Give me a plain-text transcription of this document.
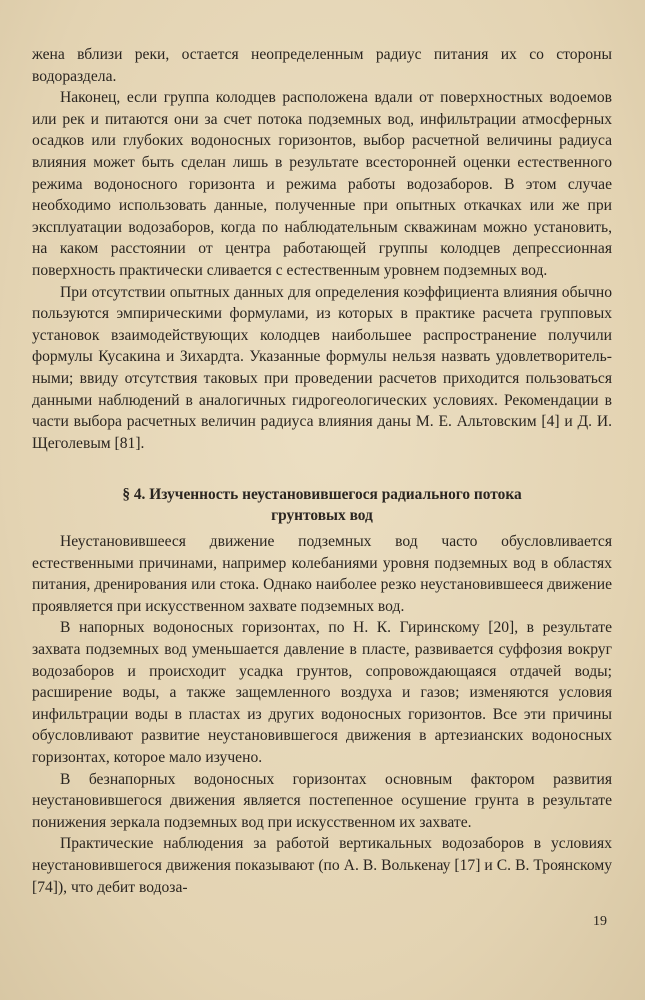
жена вблизи реки, остается неопределенным радиус питания их со стороны водораздела.

Наконец, если группа колодцев расположена вдали от поверхностных водоемов или рек и питаются они за счет потока подземных вод, инфильтрации атмосферных осадков или глубоких водоносных горизонтов, выбор расчетной величины радиуса влияния может быть сделан лишь в результате всесторонней оценки естественного режима водоносного горизонта и режима работы водозаборов. В этом случае необходимо использовать данные, полученные при опытных откачках или же при эксплуатации водозаборов, когда по наблюдательным скважинам можно установить, на каком расстоянии от центра работающей группы колодцев депрессионная поверхность практически сливается с естественным уровнем подземных вод.

При отсутствии опытных данных для определения коэффициента влияния обычно пользуются эмпирическими формулами, из которых в практике расчета групповых установок взаимодействующих колодцев наибольшее распространение получили формулы Кусакина и Зихардта. Указанные формулы нельзя назвать удовлетворительными; ввиду отсутствия таковых при проведении расчетов приходится пользоваться данными наблюдений в аналогичных гидрогеологических условиях. Рекомендации в части выбора расчетных величин радиуса влияния даны М. Е. Альтовским [4] и Д. И. Щеголевым [81].

§ 4. Изученность неустановившегося радиального потока
грунтовых вод

Неустановившееся движение подземных вод часто обусловливается естественными причинами, например колебаниями уровня подземных вод в областях питания, дренирования или стока. Однако наиболее резко неустановившееся движение проявляется при искусственном захвате подземных вод.

В напорных водоносных горизонтах, по Н. К. Гиринскому [20], в результате захвата подземных вод уменьшается давление в пласте, развивается суффозия вокруг водозаборов и происходит усадка грунтов, сопровождающаяся отдачей воды; расширение воды, а также защемленного воздуха и газов; изменяются условия инфильтрации воды в пластах из других водоносных горизонтов. Все эти причины обусловливают развитие неустановившегося движения в артезианских водоносных горизонтах, которое мало изучено.

В безнапорных водоносных горизонтах основным фактором развития неустановившегося движения является постепенное осушение грунта в результате понижения зеркала подземных вод при искусственном их захвате.

Практические наблюдения за работой вертикальных водозаборов в условиях неустановившегося движения показывают (по А. В. Волькенау [17] и С. В. Троянскому [74]), что дебит водоза-

19
